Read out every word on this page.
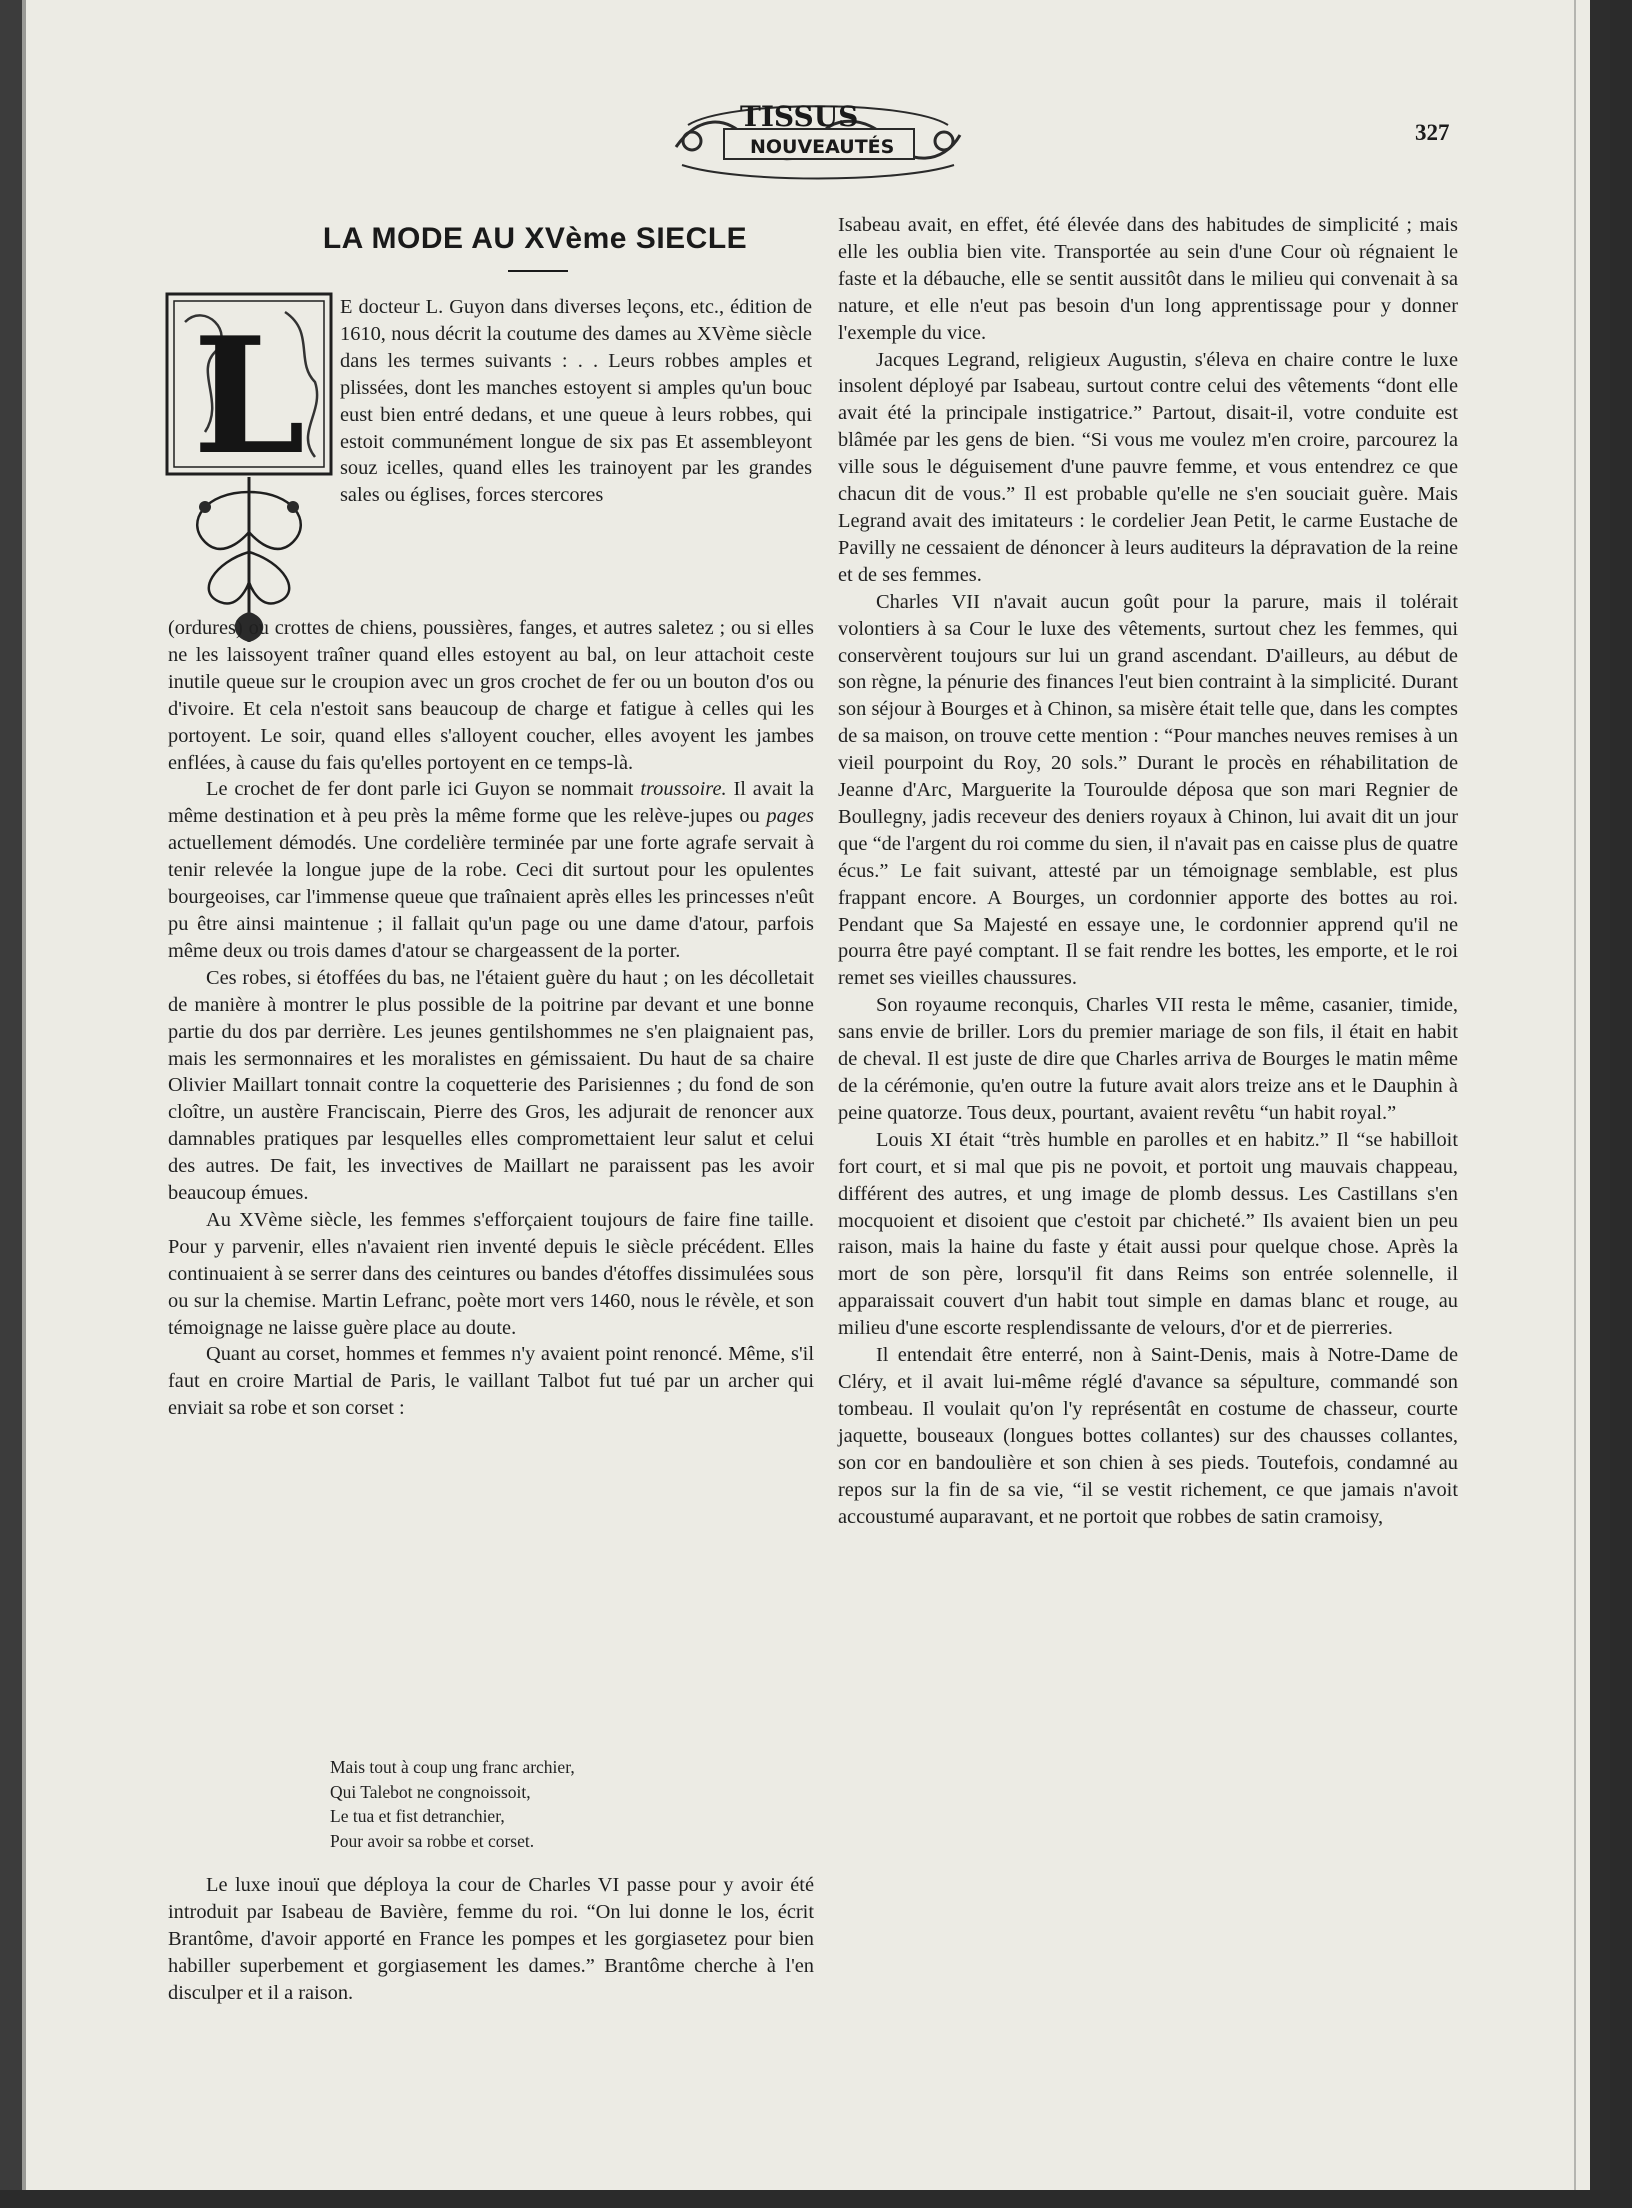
TISSUS
NOUVEAUTÉS
327
LA MODE AU XVème SIECLE
L E docteur L. Guyon dans diverses leçons, etc., édition de 1610, nous décrit la coutume des dames au XVème siècle dans les termes suivants : . . Leurs robbes amples et plissées, dont les manches estoyent si amples qu'un bouc eust bien entré dedans, et une queue à leurs robbes, qui estoit communément longue de six pas Et assembleyont souz icelles, quand elles les trainoyent par les grandes sales ou églises, forces stercores

(ordures) ou crottes de chiens, poussières, fanges, et autres saletez ; ou si elles ne les laissoyent traîner quand elles estoyent au bal, on leur attachoit ceste inutile queue sur le croupion avec un gros crochet de fer ou un bouton d'os ou d'ivoire. Et cela n'estoit sans beaucoup de charge et fatigue à celles qui les portoyent. Le soir, quand elles s'alloyent coucher, elles avoyent les jambes enflées, à cause du fais qu'elles portoyent en ce temps-là.

Le crochet de fer dont parle ici Guyon se nommait troussoire. Il avait la même destination et à peu près la même forme que les relève-jupes ou pages actuellement démodés. Une cordelière terminée par une forte agrafe servait à tenir relevée la longue jupe de la robe. Ceci dit surtout pour les opulentes bourgeoises, car l'immense queue que traînaient après elles les princesses n'eût pu être ainsi maintenue ; il fallait qu'un page ou une dame d'atour, parfois même deux ou trois dames d'atour se chargeassent de la porter.

Ces robes, si étoffées du bas, ne l'étaient guère du haut ; on les décolletait de manière à montrer le plus possible de la poitrine par devant et une bonne partie du dos par derrière. Les jeunes gentilshommes ne s'en plaignaient pas, mais les sermonnaires et les moralistes en gémissaient. Du haut de sa chaire Olivier Maillart tonnait contre la coquetterie des Parisiennes ; du fond de son cloître, un austère Franciscain, Pierre des Gros, les adjurait de renoncer aux damnables pratiques par lesquelles elles compromettaient leur salut et celui des autres. De fait, les invectives de Maillart ne paraissent pas les avoir beaucoup émues.

Au XVème siècle, les femmes s'efforçaient toujours de faire fine taille. Pour y parvenir, elles n'avaient rien inventé depuis le siècle précédent. Elles continuaient à se serrer dans des ceintures ou bandes d'étoffes dissimulées sous ou sur la chemise. Martin Lefranc, poète mort vers 1460, nous le révèle, et son témoignage ne laisse guère place au doute.

Quant au corset, hommes et femmes n'y avaient point renoncé. Même, s'il faut en croire Martial de Paris, le vaillant Talbot fut tué par un archer qui enviait sa robe et son corset :

Mais tout à coup ung franc archier,
Qui Talebot ne congnoissoit,
Le tua et fist detranchier,
Pour avoir sa robbe et corset.

Le luxe inouï que déploya la cour de Charles VI passe pour y avoir été introduit par Isabeau de Bavière, femme du roi. “On lui donne le los, écrit Brantôme, d'avoir apporté en France les pompes et les gorgiasetez pour bien habiller superbement et gorgiasement les dames.” Brantôme cherche à l'en disculper et il a raison.

Isabeau avait, en effet, été élevée dans des habitudes de simplicité ; mais elle les oublia bien vite. Transportée au sein d'une Cour où régnaient le faste et la débauche, elle se sentit aussitôt dans le milieu qui convenait à sa nature, et elle n'eut pas besoin d'un long apprentissage pour y donner l'exemple du vice.

Jacques Legrand, religieux Augustin, s'éleva en chaire contre le luxe insolent déployé par Isabeau, surtout contre celui des vêtements “dont elle avait été la principale instigatrice.” Partout, disait-il, votre conduite est blâmée par les gens de bien. “Si vous me voulez m'en croire, parcourez la ville sous le déguisement d'une pauvre femme, et vous entendrez ce que chacun dit de vous.” Il est probable qu'elle ne s'en souciait guère. Mais Legrand avait des imitateurs : le cordelier Jean Petit, le carme Eustache de Pavilly ne cessaient de dénoncer à leurs auditeurs la dépravation de la reine et de ses femmes.

Charles VII n'avait aucun goût pour la parure, mais il tolérait volontiers à sa Cour le luxe des vêtements, surtout chez les femmes, qui conservèrent toujours sur lui un grand ascendant. D'ailleurs, au début de son règne, la pénurie des finances l'eut bien contraint à la simplicité. Durant son séjour à Bourges et à Chinon, sa misère était telle que, dans les comptes de sa maison, on trouve cette mention : “Pour manches neuves remises à un vieil pourpoint du Roy, 20 sols.” Durant le procès en réhabilitation de Jeanne d'Arc, Marguerite la Touroulde déposa que son mari Regnier de Boullegny, jadis receveur des deniers royaux à Chinon, lui avait dit un jour que “de l'argent du roi comme du sien, il n'avait pas en caisse plus de quatre écus.” Le fait suivant, attesté par un témoignage semblable, est plus frappant encore. A Bourges, un cordonnier apporte des bottes au roi. Pendant que Sa Majesté en essaye une, le cordonnier apprend qu'il ne pourra être payé comptant. Il se fait rendre les bottes, les emporte, et le roi remet ses vieilles chaussures.

Son royaume reconquis, Charles VII resta le même, casanier, timide, sans envie de briller. Lors du premier mariage de son fils, il était en habit de cheval. Il est juste de dire que Charles arriva de Bourges le matin même de la cérémonie, qu'en outre la future avait alors treize ans et le Dauphin à peine quatorze. Tous deux, pourtant, avaient revêtu “un habit royal.”

Louis XI était “très humble en parolles et en habitz.” Il “se habilloit fort court, et si mal que pis ne povoit, et portoit ung mauvais chappeau, différent des autres, et ung image de plomb dessus. Les Castillans s'en mocquoient et disoient que c'estoit par chicheté.” Ils avaient bien un peu raison, mais la haine du faste y était aussi pour quelque chose. Après la mort de son père, lorsqu'il fit dans Reims son entrée solennelle, il apparaissait couvert d'un habit tout simple en damas blanc et rouge, au milieu d'une escorte resplendissante de velours, d'or et de pierreries.

Il entendait être enterré, non à Saint-Denis, mais à Notre-Dame de Cléry, et il avait lui-même réglé d'avance sa sépulture, commandé son tombeau. Il voulait qu'on l'y représentât en costume de chasseur, courte jaquette, bouseaux (longues bottes collantes) sur des chausses collantes, son cor en bandoulière et son chien à ses pieds. Toutefois, condamné au repos sur la fin de sa vie, “il se vestit richement, ce que jamais n'avoit accoustumé auparavant, et ne portoit que robbes de satin cramoisy,
